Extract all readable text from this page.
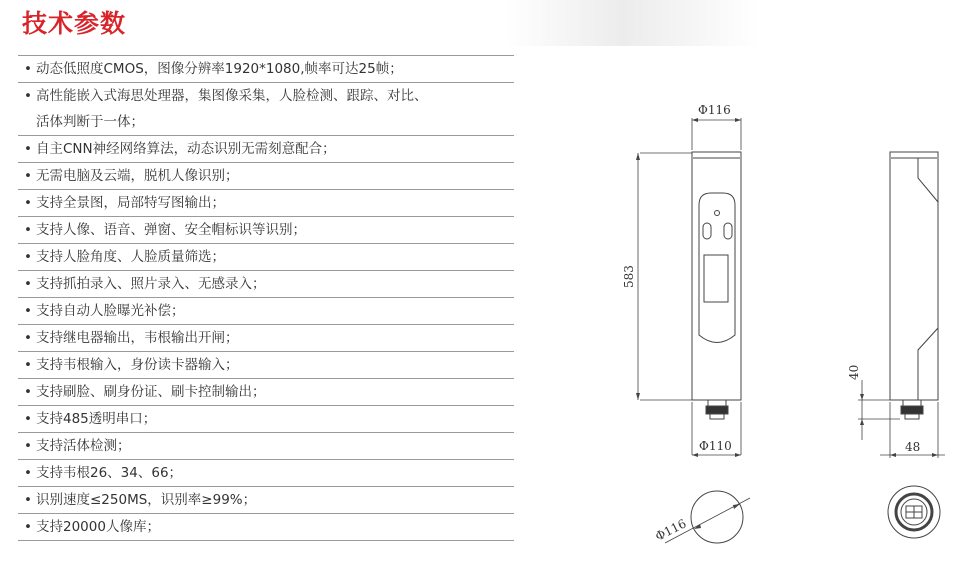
技术参数
• 动态低照度CMOS，图像分辨率1920*1080,帧率可达25帧；
• 高性能嵌入式海思处理器，集图像采集，人脸检测、跟踪、对比、
活体判断于一体；
• 自主CNN神经网络算法，动态识别无需刻意配合；
• 无需电脑及云端，脱机人像识别；
• 支持全景图，局部特写图输出；
• 支持人像、语音、弹窗、安全帽标识等识别；
• 支持人脸角度、人脸质量筛选；
• 支持抓拍录入、照片录入、无感录入；
• 支持自动人脸曝光补偿；
• 支持继电器输出，韦根输出开闸；
• 支持韦根输入，身份读卡器输入；
• 支持刷脸、刷身份证、刷卡控制输出；
• 支持485透明串口；
• 支持活体检测；
• 支持韦根26、34、66；
• 识别速度≤250MS，识别率≥99%；
• 支持20000人像库；
Φ116
583
Φ110
40
48
Φ116
